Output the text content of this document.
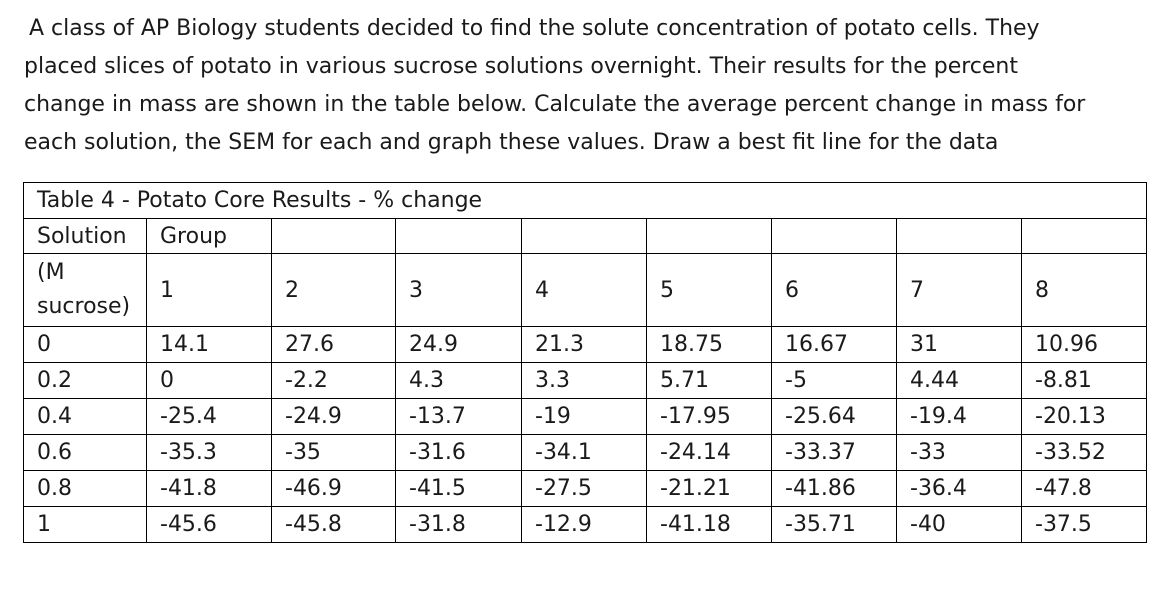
A class of AP Biology students decided to find the solute concentration of potato cells. They
placed slices of potato in various sucrose solutions overnight. Their results for the percent
change in mass are shown in the table below. Calculate the average percent change in mass for
each solution, the SEM for each and graph these values. Draw a best fit line for the data

Table 4 - Potato Core Results - % change								
Solution	Group							

(M
sucrose)	1	2	3	4	5	6	7	8
0	14.1	27.6	24.9	21.3	18.75	16.67	31	10.96
0.2	0	-2.2	4.3	3.3	5.71	-5	4.44	-8.81
0.4	-25.4	-24.9	-13.7	-19	-17.95	-25.64	-19.4	-20.13
0.6	-35.3	-35	-31.6	-34.1	-24.14	-33.37	-33	-33.52
0.8	-41.8	-46.9	-41.5	-27.5	-21.21	-41.86	-36.4	-47.8
1	-45.6	-45.8	-31.8	-12.9	-41.18	-35.71	-40	-37.5
